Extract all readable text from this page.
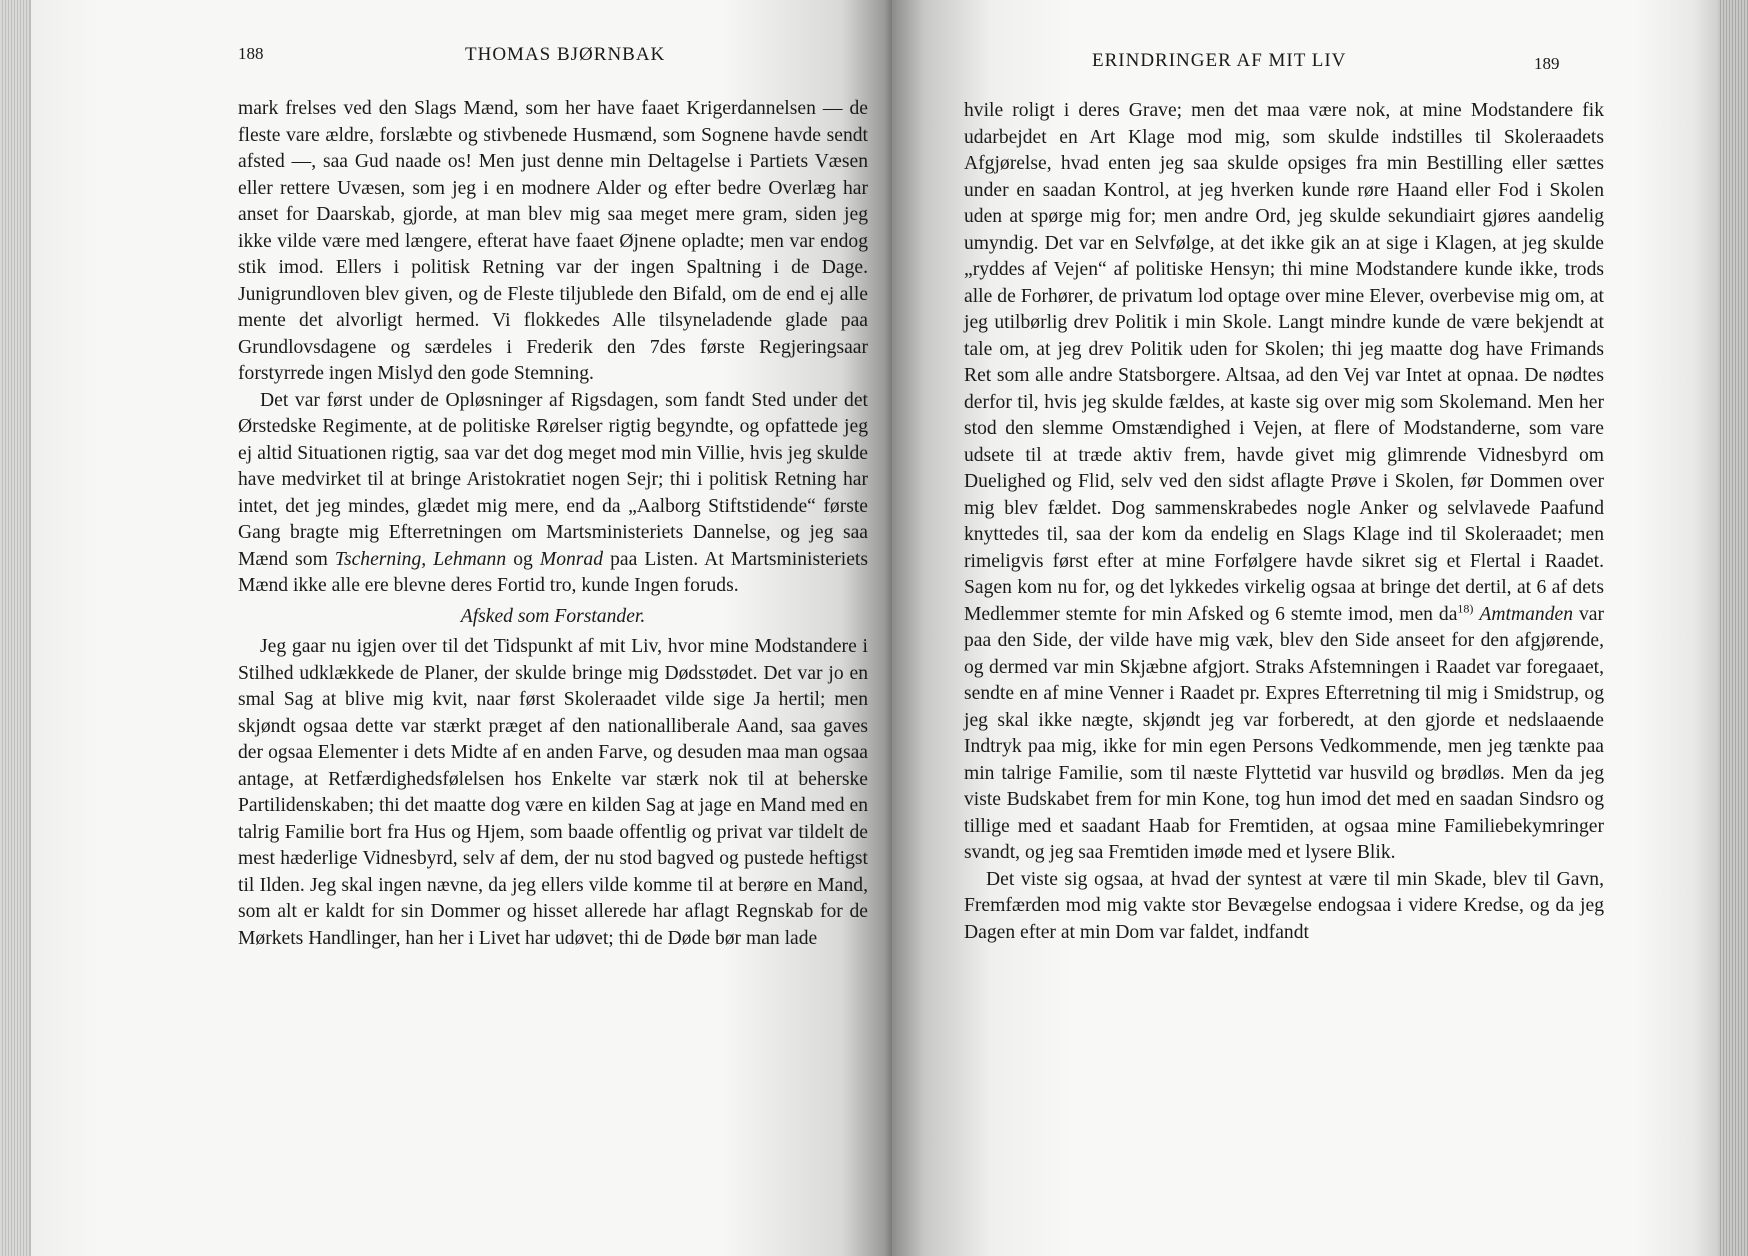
188	THOMAS BJØRNBAK

mark frelses ved den Slags Mænd, som her have faaet Krigerdannelsen — de fleste vare ældre, forslæbte og stivbenede Husmænd, som Sognene havde sendt afsted —, saa Gud naade os! Men just denne min Deltagelse i Partiets Væsen eller rettere Uvæsen, som jeg i en modnere Alder og efter bedre Overlæg har anset for Daarskab, gjorde, at man blev mig saa meget mere gram, siden jeg ikke vilde være med længere, efterat have faaet Øjnene opladte; men var endog stik imod. Ellers i politisk Retning var der ingen Spaltning i de Dage. Junigrundloven blev given, og de Fleste tiljublede den Bifald, om de end ej alle mente det alvorligt hermed. Vi flokkedes Alle tilsyneladende glade paa Grundlovsdagene og særdeles i Frederik den 7des første Regjeringsaar forstyrrede ingen Mislyd den gode Stemning.

Det var først under de Opløsninger af Rigsdagen, som fandt Sted under det Ørstedske Regimente, at de politiske Rørelser rigtig begyndte, og opfattede jeg ej altid Situationen rigtig, saa var det dog meget mod min Villie, hvis jeg skulde have medvirket til at bringe Aristokratiet nogen Sejr; thi i politisk Retning har intet, det jeg mindes, glædet mig mere, end da „Aalborg Stiftstidende“ første Gang bragte mig Efterretningen om Martsministeriets Dannelse, og jeg saa Mænd som Tscherning, Lehmann og Monrad paa Listen. At Martsministeriets Mænd ikke alle ere blevne deres Fortid tro, kunde Ingen foruds.

Afsked som Forstander.

Jeg gaar nu igjen over til det Tidspunkt af mit Liv, hvor mine Modstandere i Stilhed udklækkede de Planer, der skulde bringe mig Dødsstødet. Det var jo en smal Sag at blive mig kvit, naar først Skoleraadet vilde sige Ja hertil; men skjøndt ogsaa dette var stærkt præget af den nationalliberale Aand, saa gaves der ogsaa Elementer i dets Midte af en anden Farve, og desuden maa man ogsaa antage, at Retfærdighedsfølelsen hos Enkelte var stærk nok til at beherske Partilidenskaben; thi det maatte dog være en kilden Sag at jage en Mand med en talrig Familie bort fra Hus og Hjem, som baade offentlig og privat var tildelt de mest hæderlige Vidnesbyrd, selv af dem, der nu stod bagved og pustede heftigst til Ilden. Jeg skal ingen nævne, da jeg ellers vilde komme til at berøre en Mand, som alt er kaldt for sin Dommer og hisset allerede har aflagt Regnskab for de Mørkets Handlinger, han her i Livet har udøvet; thi de Døde bør man lade

ERINDRINGER AF MIT LIV	189

hvile roligt i deres Grave; men det maa være nok, at mine Modstandere fik udarbejdet en Art Klage mod mig, som skulde indstilles til Skoleraadets Afgjørelse, hvad enten jeg saa skulde opsiges fra min Bestilling eller sættes under en saadan Kontrol, at jeg hverken kunde røre Haand eller Fod i Skolen uden at spørge mig for; men andre Ord, jeg skulde sekundiairt gjøres aandelig umyndig. Det var en Selvfølge, at det ikke gik an at sige i Klagen, at jeg skulde „ryddes af Vejen“ af politiske Hensyn; thi mine Modstandere kunde ikke, trods alle de Forhører, de privatum lod optage over mine Elever, overbevise mig om, at jeg utilbørlig drev Politik i min Skole. Langt mindre kunde de være bekjendt at tale om, at jeg drev Politik uden for Skolen; thi jeg maatte dog have Frimands Ret som alle andre Statsborgere. Altsaa, ad den Vej var Intet at opnaa. De nødtes derfor til, hvis jeg skulde fældes, at kaste sig over mig som Skolemand. Men her stod den slemme Omstændighed i Vejen, at flere of Modstanderne, som vare udsete til at træde aktiv frem, havde givet mig glimrende Vidnesbyrd om Duelighed og Flid, selv ved den sidst aflagte Prøve i Skolen, før Dommen over mig blev fældet. Dog sammenskrabedes nogle Anker og selvlavede Paafund knyttedes til, saa der kom da endelig en Slags Klage ind til Skoleraadet; men rimeligvis først efter at mine Forfølgere havde sikret sig et Flertal i Raadet. Sagen kom nu for, og det lykkedes virkelig ogsaa at bringe det dertil, at 6 af dets Medlemmer stemte for min Afsked og 6 stemte imod, men $da^{18)}$ Amtmanden var paa den Side, der vilde have mig væk, blev den Side anseet for den afgjørende, og dermed var min Skjæbne afgjort. Straks Afstemningen i Raadet var foregaaet, sendte en af mine Venner i Raadet pr. Expres Efterretning til mig i Smidstrup, og jeg skal ikke nægte, skjøndt jeg var forberedt, at den gjorde et nedslaaende Indtryk paa mig, ikke for min egen Persons Vedkommende, men jeg tænkte paa min talrige Familie, som til næste Flyttetid var husvild og brødløs. Men da jeg viste Budskabet frem for min Kone, tog hun imod det med en saadan Sindsro og tillige med et saadant Haab for Fremtiden, at ogsaa mine Familiebekymringer svandt, og jeg saa Fremtiden imøde med et lysere Blik.

Det viste sig ogsaa, at hvad der syntest at være til min Skade, blev til Gavn, Fremfærden mod mig vakte stor Bevægelse endogsaa i videre Kredse, og da jeg Dagen efter at min Dom var faldet, indfandt
